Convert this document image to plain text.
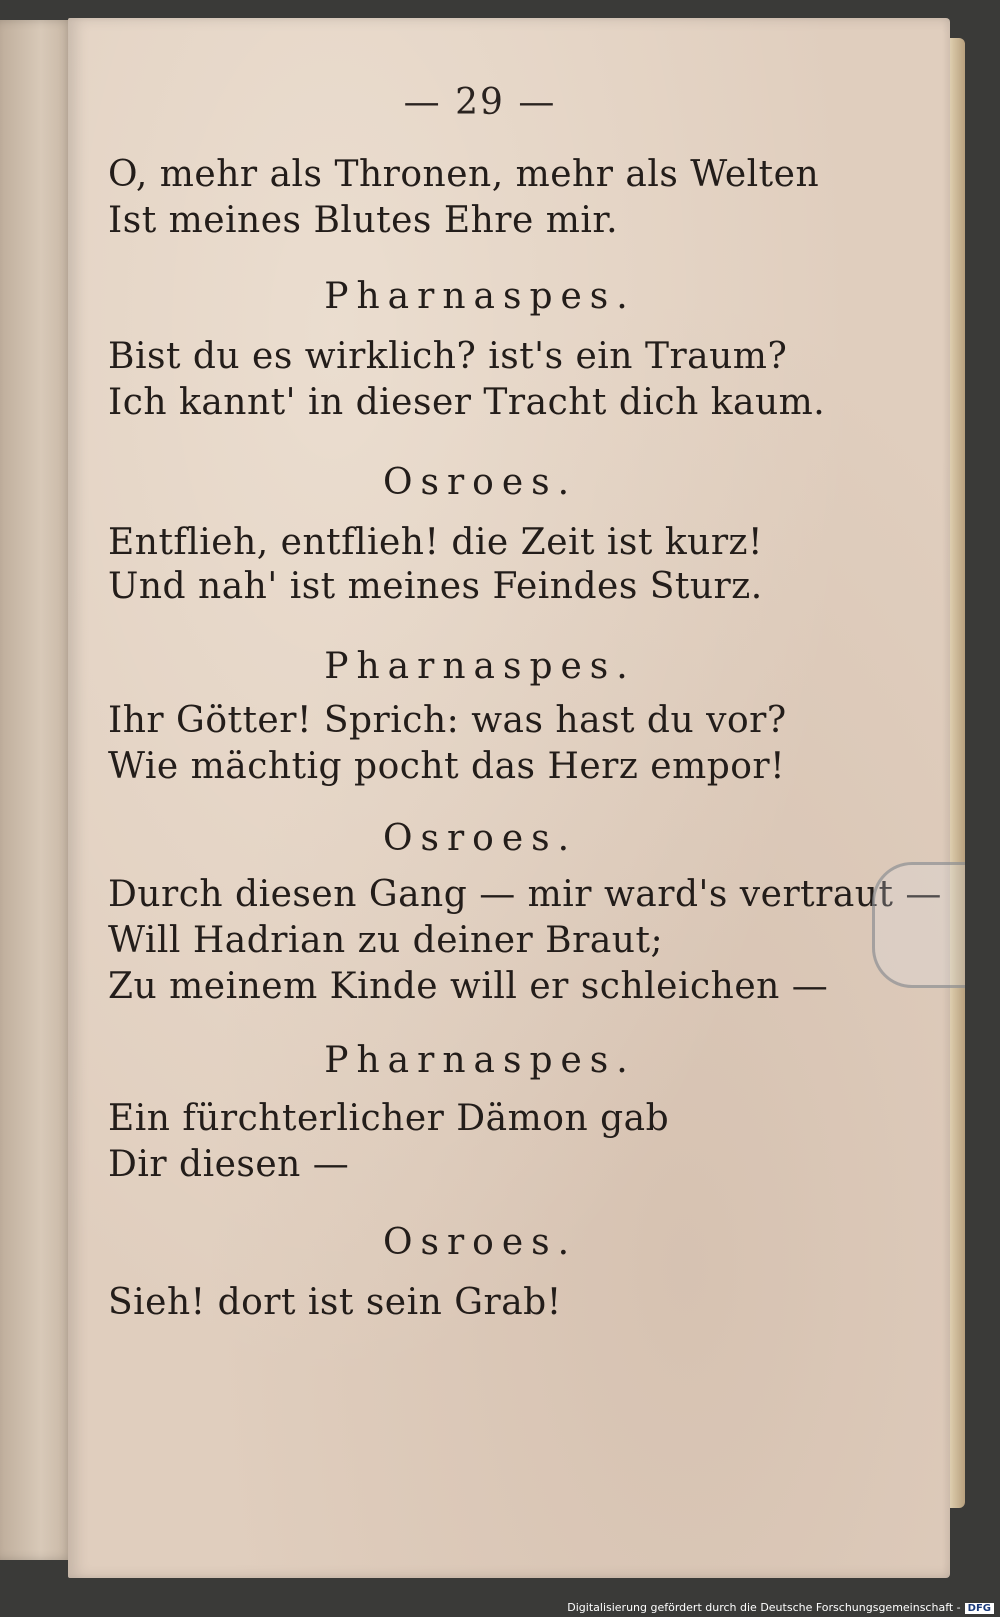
— 29 —
O, mehr als Thronen, mehr als Welten
Ist meines Blutes Ehre mir.
Pharnaspes.
Bist du es wirklich? ist's ein Traum?
Ich kannt' in dieser Tracht dich kaum.
Osroes.
Entflieh, entflieh! die Zeit ist kurz!
Und nah' ist meines Feindes Sturz.
Pharnaspes.
Ihr Götter! Sprich: was hast du vor?
Wie mächtig pocht das Herz empor!
Osroes.
Durch diesen Gang — mir ward's vertraut —
Will Hadrian zu deiner Braut;
Zu meinem Kinde will er schleichen —
Pharnaspes.
Ein fürchterlicher Dämon gab
Dir diesen —
Osroes.
Sieh! dort ist sein Grab!
Digitalisierung gefördert durch die Deutsche Forschungsgemeinschaft - DFG
